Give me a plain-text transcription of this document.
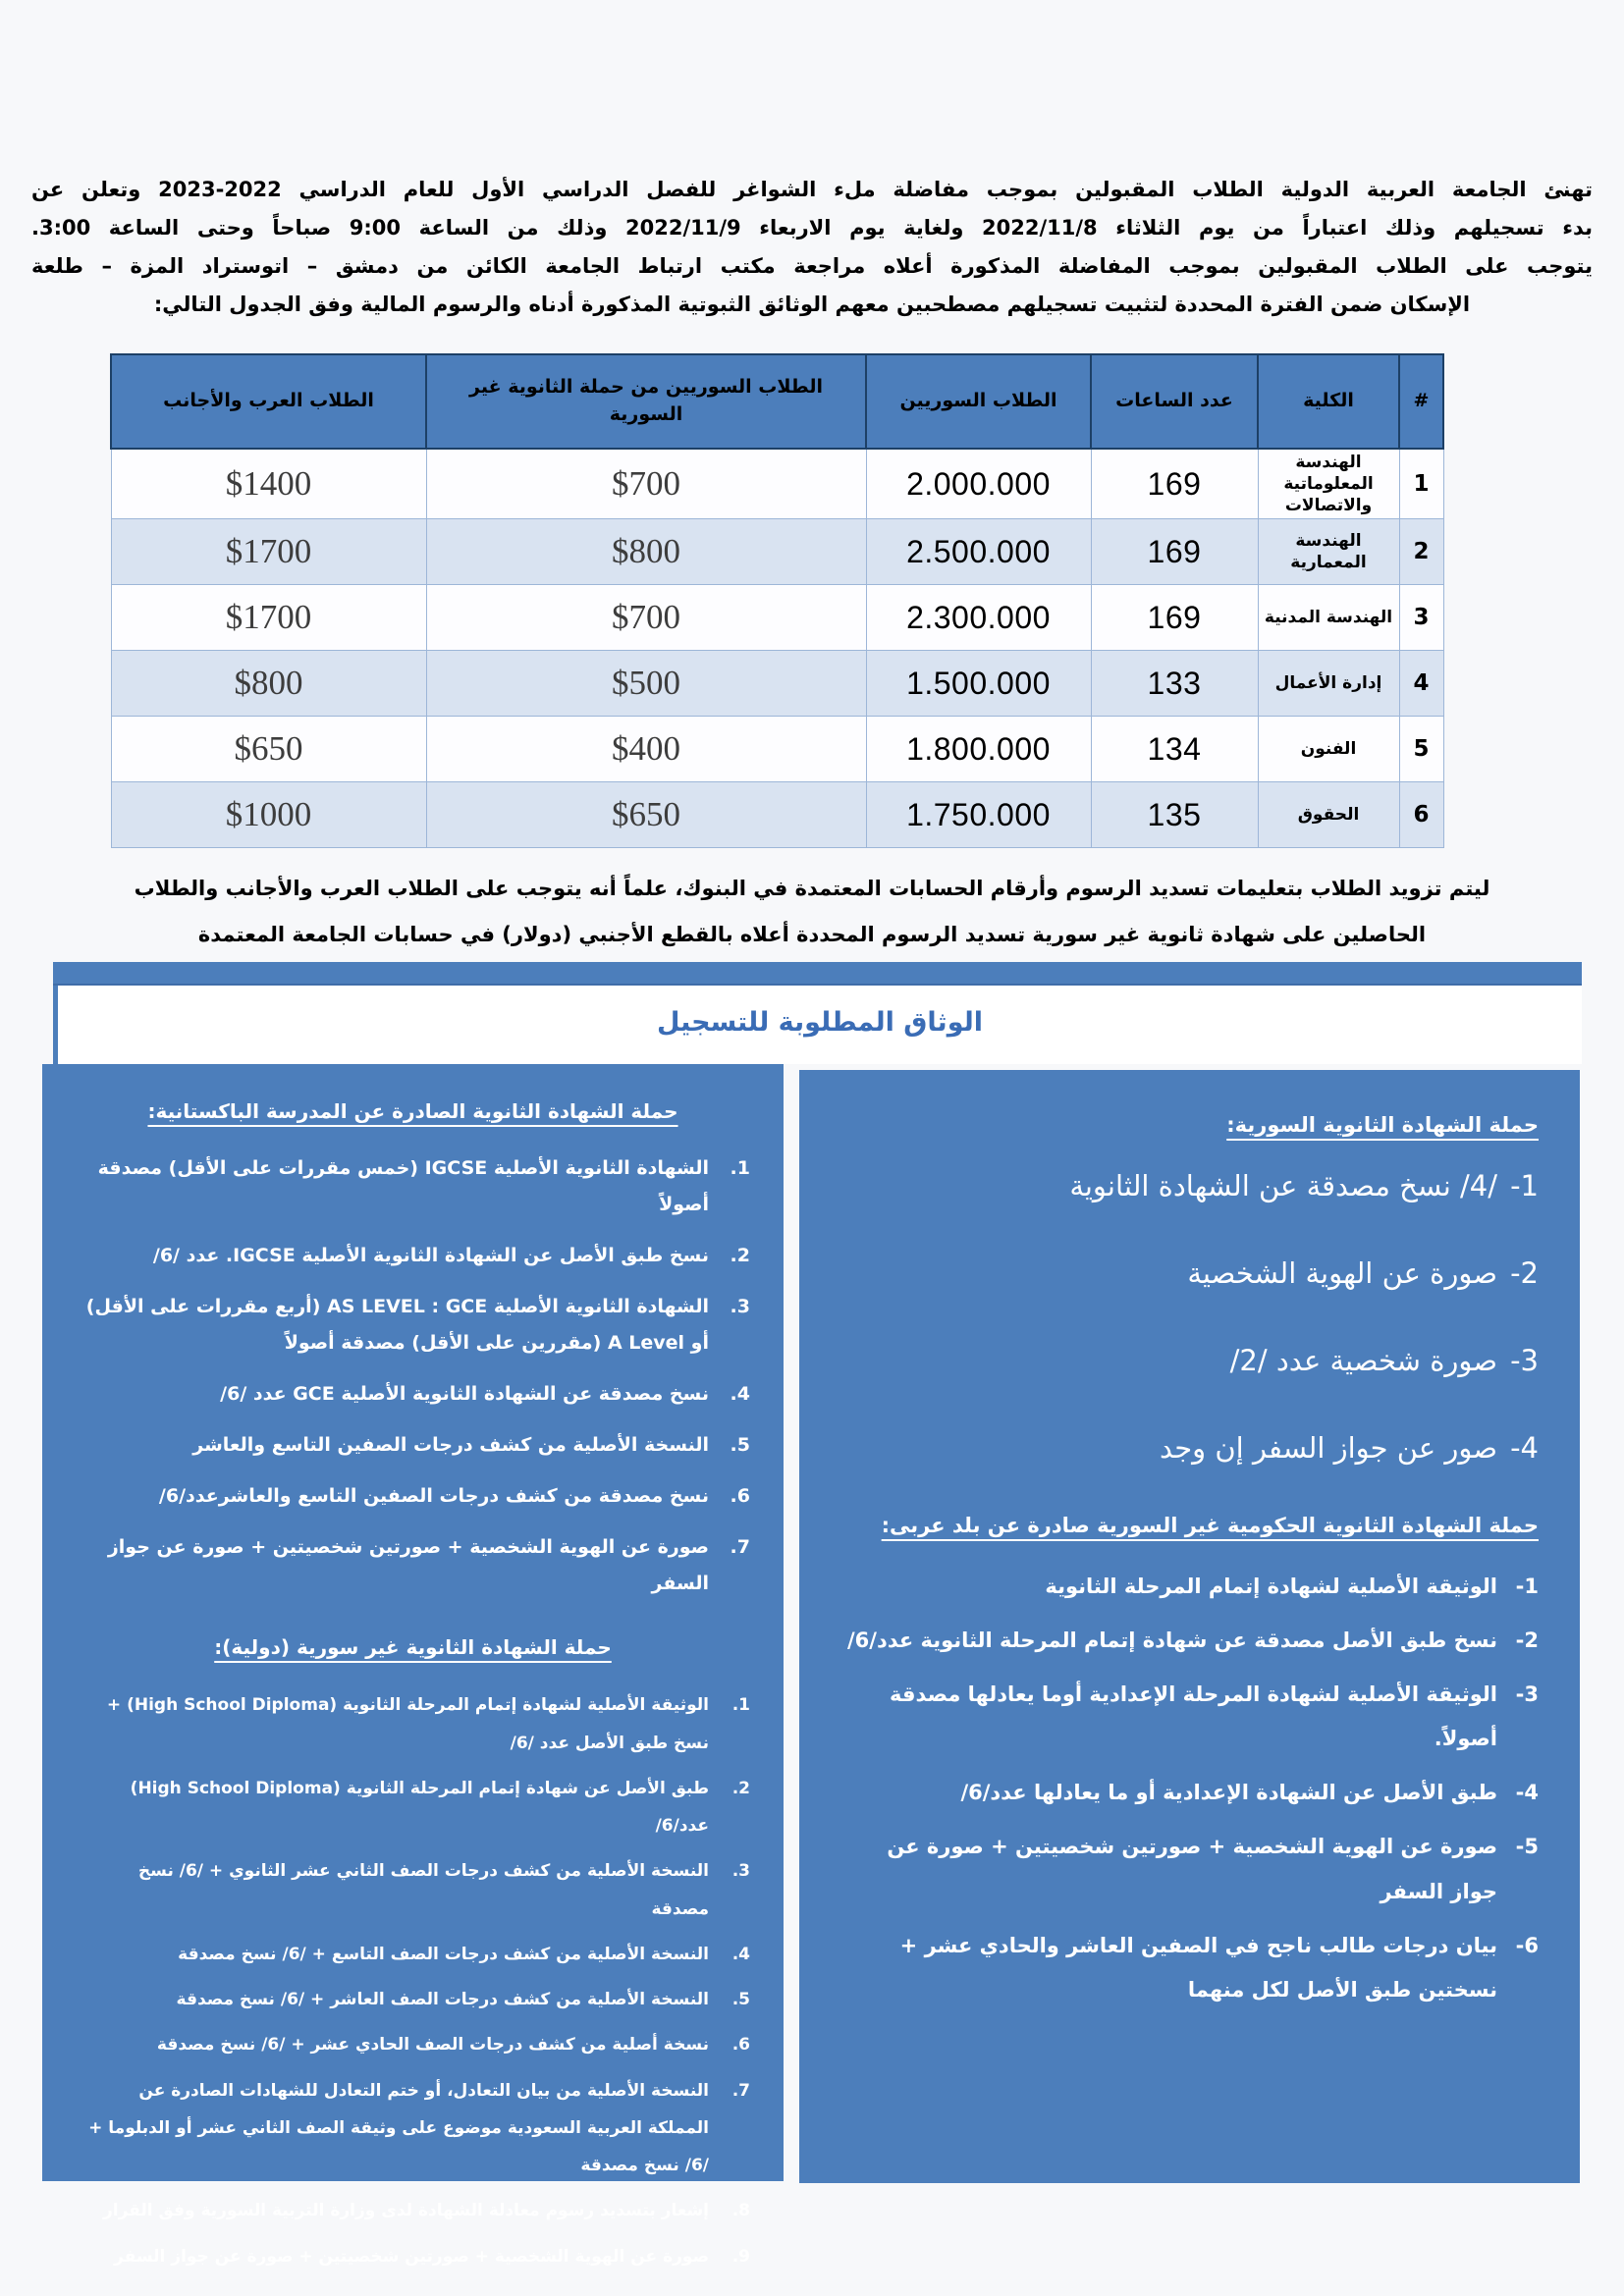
تهنئ الجامعة العربية الدولية الطلاب المقبولين بموجب مفاضلة ملء الشواغر للفصل الدراسي الأول للعام الدراسي 2022-2023 وتعلن عن
بدء تسجيلهم وذلك اعتباراً من يوم الثلاثاء 2022/11/8 ولغاية يوم الاربعاء 2022/11/9 وذلك من الساعة 9:00 صباحاً وحتى الساعة 3:00.
يتوجب على الطلاب المقبولين بموجب المفاضلة المذكورة أعلاه مراجعة مكتب ارتباط الجامعة الكائن من دمشق – اتوستراد المزة – طلعة
الإسكان ضمن الفترة المحددة لتثبيت تسجيلهم مصطحبين معهم الوثائق الثبوتية المذكورة أدناه والرسوم المالية وفق الجدول التالي:
#	الكلية	عدد الساعات	الطلاب السوريين	الطلاب السوريين من حملة الثانوية غير السورية	الطلاب العرب والأجانب
1	الهندسة المعلوماتية والاتصالات	169	2.000.000	$700	$1400
2	الهندسة المعمارية	169	2.500.000	$800	$1700
3	الهندسة المدنية	169	2.300.000	$700	$1700
4	إدارة الأعمال	133	1.500.000	$500	$800
5	الفنون	134	1.800.000	$400	$650
6	الحقوق	135	1.750.000	$650	$1000
ليتم تزويد الطلاب بتعليمات تسديد الرسوم وأرقام الحسابات المعتمدة في البنوك، علماً أنه يتوجب على الطلاب العرب والأجانب والطلاب
الحاصلين على شهادة ثانوية غير سورية تسديد الرسوم المحددة أعلاه بالقطع الأجنبي (دولار) في حسابات الجامعة المعتمدة
الوثاق المطلوبة للتسجيل
حملة الشهادة الثانوية الصادرة عن المدرسة الباكستانية:
1.
الشهادة الثانوية الأصلية IGCSE (خمس مقررات على الأقل) مصدقة أصولاً
2.
نسخ طبق الأصل عن الشهادة الثانوية الأصلية IGCSE. عدد /6/
3.
الشهادة الثانوية الأصلية AS LEVEL : GCE (أربع مقررات على الأقل) أو A Level (مقررين على الأقل) مصدقة أصولاً
4.
نسخ مصدقة عن الشهادة الثانوية الأصلية GCE عدد /6/
5.
النسخة الأصلية من كشف درجات الصفين التاسع والعاشر
6.
نسخ مصدقة من كشف درجات الصفين التاسع والعاشرعدد/6/
7.
صورة عن الهوية الشخصية + صورتين شخصيتين + صورة عن جواز السفر
حملة الشهادة الثانوية غير سورية (دولية):
1.
الوثيقة الأصلية لشهادة إتمام المرحلة الثانوية (High School Diploma) + نسخ طبق الأصل عدد /6/
2.
طبق الأصل عن شهادة إتمام المرحلة الثانوية (High School Diploma) عدد/6/
3.
النسخة الأصلية من كشف درجات الصف الثاني عشر الثانوي + /6/ نسخ مصدقة
4.
النسخة الأصلية من كشف درجات الصف التاسع + /6/ نسخ مصدقة
5.
النسخة الأصلية من كشف درجات الصف العاشر + /6/ نسخ مصدقة
6.
نسخة أصلية من كشف درجات الصف الحادي عشر + /6/ نسخ مصدقة
7.
النسخة الأصلية من بيان التعادل، أو ختم التعادل للشهادات الصادرة عن المملكة العربية السعودية موضوع على وثيقة الصف الثاني عشر أو الدبلوما + /6/ نسخ مصدقة
8.
إشعار بتسديد رسوم معادلة الشهادة لدى وزارة التربية السورية وفق القرار
9.
صورة عن الهوية الشخصية + صورتين شخصيتين + صورة عن جواز السفر
حملة الشهادة الثانوية السورية:
1-
/4/ نسخ مصدقة عن الشهادة الثانوية
2-
صورة عن الهوية الشخصية
3-
صورة شخصية عدد /2/
4-
صور عن جواز السفر إن وجد
حملة الشهادة الثانوية الحكومية غير السورية صادرة عن بلد عربى:
1-
الوثيقة الأصلية لشهادة إتمام المرحلة الثانوية
2-
نسخ طبق الأصل مصدقة عن شهادة إتمام المرحلة الثانوية عدد/6/
3-
الوثيقة الأصلية لشهادة المرحلة الإعدادية أوما يعادلها مصدقة أصولاً.
4-
طبق الأصل عن الشهادة الإعدادية أو ما يعادلها عدد/6/
5-
صورة عن الهوية الشخصية + صورتين شخصيتين + صورة عن جواز السفر
6-
بيان درجات طالب ناجح في الصفين العاشر والحادي عشر + نسختين طبق الأصل لكل منهما
